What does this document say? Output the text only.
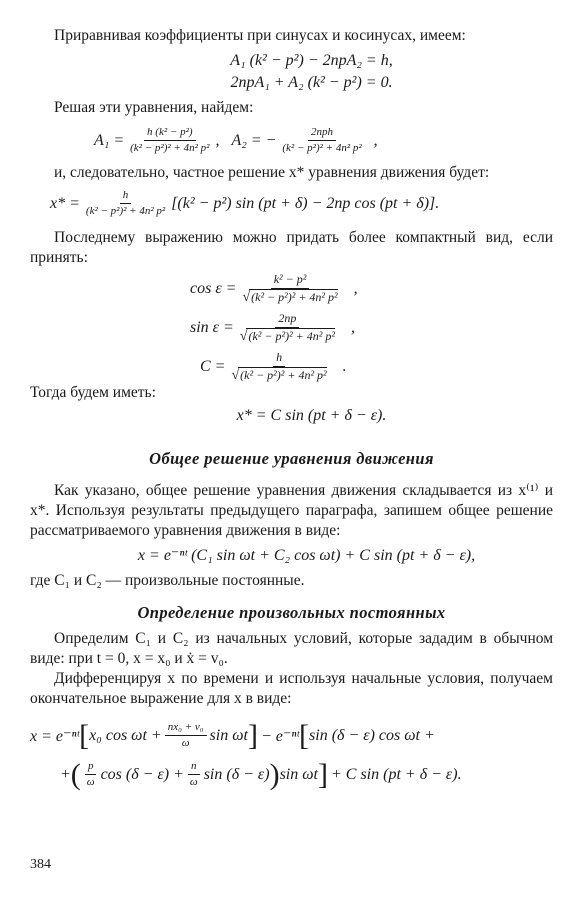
Приравнивая коэффициенты при синусах и косинусах, имеем:

A₁ (k² − p²) − 2npA₂ = h,
2npA₁ + A₂ (k² − p²) = 0.

Решая эти уравнения, найдем:

$A_1 = \frac{\text{h (k² − p²)}}{\text{(k² − p²)² + 4n² p²}}$ , A₂ = − $\frac{\text{2nph}}{\text{(k² − p²)² + 4n² p²}}$ ,

и, следовательно, частное решение x* уравнения движения будет:

$x* = \frac{h}{\text{(k² − p²)² + 4n² p²}} [(k^2 - p^2)$ sin (pt + δ) − 2np cos (pt + δ)].

Последнему выражению можно придать более компактный вид, если принять:

$\cos \varepsilon = \frac{\text{k² − p²}}{\text{√(k² − p²)² + 4n² p²}}$ ,
$\sin \varepsilon = \frac{2np}{\text{√(k² − p²)² + 4n² p²}}$ ,
$C = \frac{h}{\text{√(k² − p²)² + 4n² p²}}$ .

Тогда будем иметь:

x* = C sin (pt + δ − ε).
Общее решение уравнения движения

Как указано, общее решение уравнения движения складывается из x⁽¹⁾ и x*. Используя результаты предыдущего параграфа, запишем общее решение рассматриваемого уравнения движения в виде:

x = e⁻ⁿᵗ (C₁ sin ωt + C₂ cos ωt) + C sin (pt + δ − ε),

где C₁ и C₂ — произвольные постоянные.

Определение произвольных постоянных

Определим C₁ и C₂ из начальных условий, которые зададим в обычном виде: при t = 0, x = x₀ и ẋ = v₀.

Дифференцируя x по времени и используя начальные условия, получаем окончательное выражение для x в виде:

x = e⁻ⁿᵗ [ x₀ $\cos \omega t + \frac{\text{nx₀ + v₀}}{\omega}$ sin ωt ] − e⁻ⁿᵗ [ sin (δ − ε) cos ωt +
+ ( $\frac{p}{\omega}$ $\cos (\delta - \varepsilon) + \frac{n}{\omega}$ sin (δ − ε) ) sin ωt ] + C sin (pt + δ − ε).
384
